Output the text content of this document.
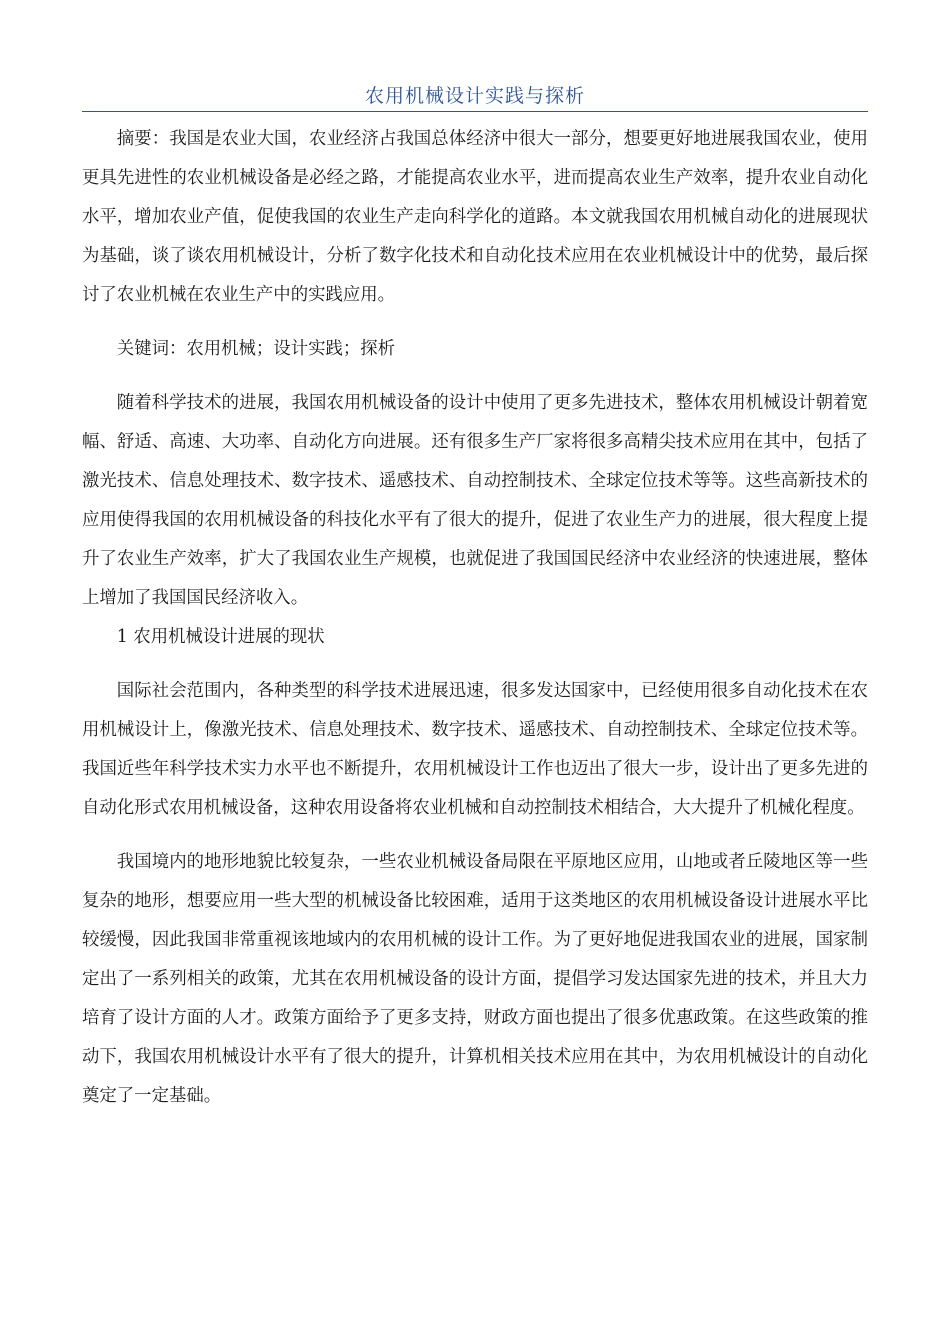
农用机械设计实践与探析

摘要：我国是农业大国，农业经济占我国总体经济中很大一部分，想要更好地进展我国农业，使用更具先进性的农业机械设备是必经之路，才能提高农业水平，进而提高农业生产效率，提升农业自动化水平，增加农业产值，促使我国的农业生产走向科学化的道路。本文就我国农用机械自动化的进展现状为基础，谈了谈农用机械设计，分析了数字化技术和自动化技术应用在农业机械设计中的优势，最后探讨了农业机械在农业生产中的实践应用。

关键词：农用机械；设计实践；探析

随着科学技术的进展，我国农用机械设备的设计中使用了更多先进技术，整体农用机械设计朝着宽幅、舒适、高速、大功率、自动化方向进展。还有很多生产厂家将很多高精尖技术应用在其中，包括了激光技术、信息处理技术、数字技术、遥感技术、自动控制技术、全球定位技术等等。这些高新技术的应用使得我国的农用机械设备的科技化水平有了很大的提升，促进了农业生产力的进展，很大程度上提升了农业生产效率，扩大了我国农业生产规模，也就促进了我国国民经济中农业经济的快速进展，整体上增加了我国国民经济收入。

1 农用机械设计进展的现状

国际社会范围内，各种类型的科学技术进展迅速，很多发达国家中，已经使用很多自动化技术在农用机械设计上，像激光技术、信息处理技术、数字技术、遥感技术、自动控制技术、全球定位技术等。我国近些年科学技术实力水平也不断提升，农用机械设计工作也迈出了很大一步，设计出了更多先进的自动化形式农用机械设备，这种农用设备将农业机械和自动控制技术相结合，大大提升了机械化程度。

我国境内的地形地貌比较复杂，一些农业机械设备局限在平原地区应用，山地或者丘陵地区等一些复杂的地形，想要应用一些大型的机械设备比较困难，适用于这类地区的农用机械设备设计进展水平比较缓慢，因此我国非常重视该地域内的农用机械的设计工作。为了更好地促进我国农业的进展，国家制定出了一系列相关的政策，尤其在农用机械设备的设计方面，提倡学习发达国家先进的技术，并且大力培育了设计方面的人才。政策方面给予了更多支持，财政方面也提出了很多优惠政策。在这些政策的推动下，我国农用机械设计水平有了很大的提升，计算机相关技术应用在其中，为农用机械设计的自动化奠定了一定基础。
